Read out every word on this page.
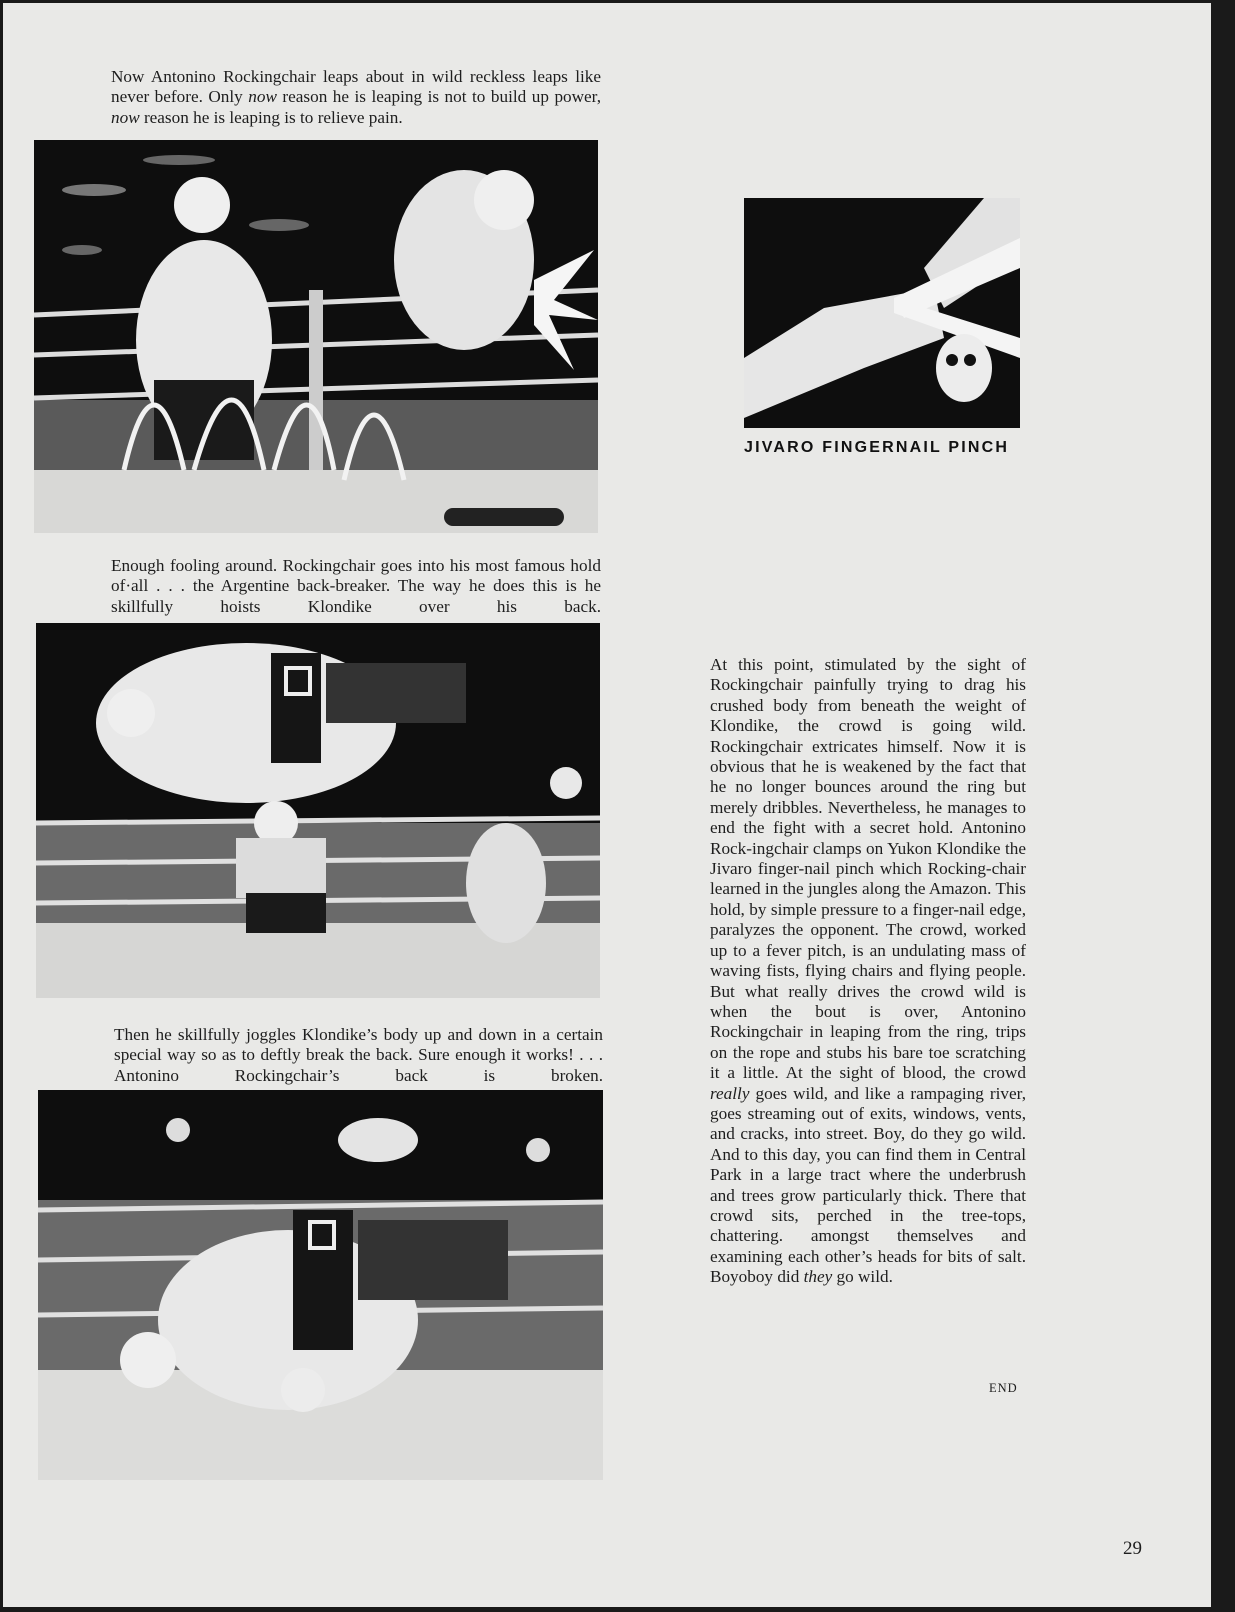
Now Antonino Rockingchair leaps about in wild reckless leaps like never before. Only now reason he is leaping is not to build up power, now reason he is leaping is to relieve pain.

Enough fooling around. Rockingchair goes into his most famous hold of·all . . . the Argentine back-breaker. The way he does this is he skillfully hoists Klondike over his back.

Then he skillfully joggles Klondike’s body up and down in a certain special way so as to deftly break the back. Sure enough it works! . . . Antonino Rockingchair’s back is broken.

JIVARO FINGERNAIL PINCH

At this point, stimulated by the sight of Rockingchair painfully trying to drag his crushed body from beneath the weight of Klondike, the crowd is going wild. Rockingchair extricates himself. Now it is obvious that he is weakened by the fact that he no longer bounces around the ring but merely dribbles. Nevertheless, he manages to end the fight with a secret hold. Antonino Rock-ingchair clamps on Yukon Klondike the Jivaro finger-nail pinch which Rocking-chair learned in the jungles along the Amazon. This hold, by simple pressure to a finger-nail edge, paralyzes the opponent. The crowd, worked up to a fever pitch, is an undulating mass of waving fists, flying chairs and flying people. But what really drives the crowd wild is when the bout is over, Antonino Rockingchair in leaping from the ring, trips on the rope and stubs his bare toe scratching it a little. At the sight of blood, the crowd really goes wild, and like a rampaging river, goes streaming out of exits, windows, vents, and cracks, into street. Boy, do they go wild. And to this day, you can find them in Central Park in a large tract where the underbrush and trees grow particularly thick. There that crowd sits, perched in the tree-tops, chattering. amongst themselves and examining each other’s heads for bits of salt. Boyoboy did they go wild.

END
29
